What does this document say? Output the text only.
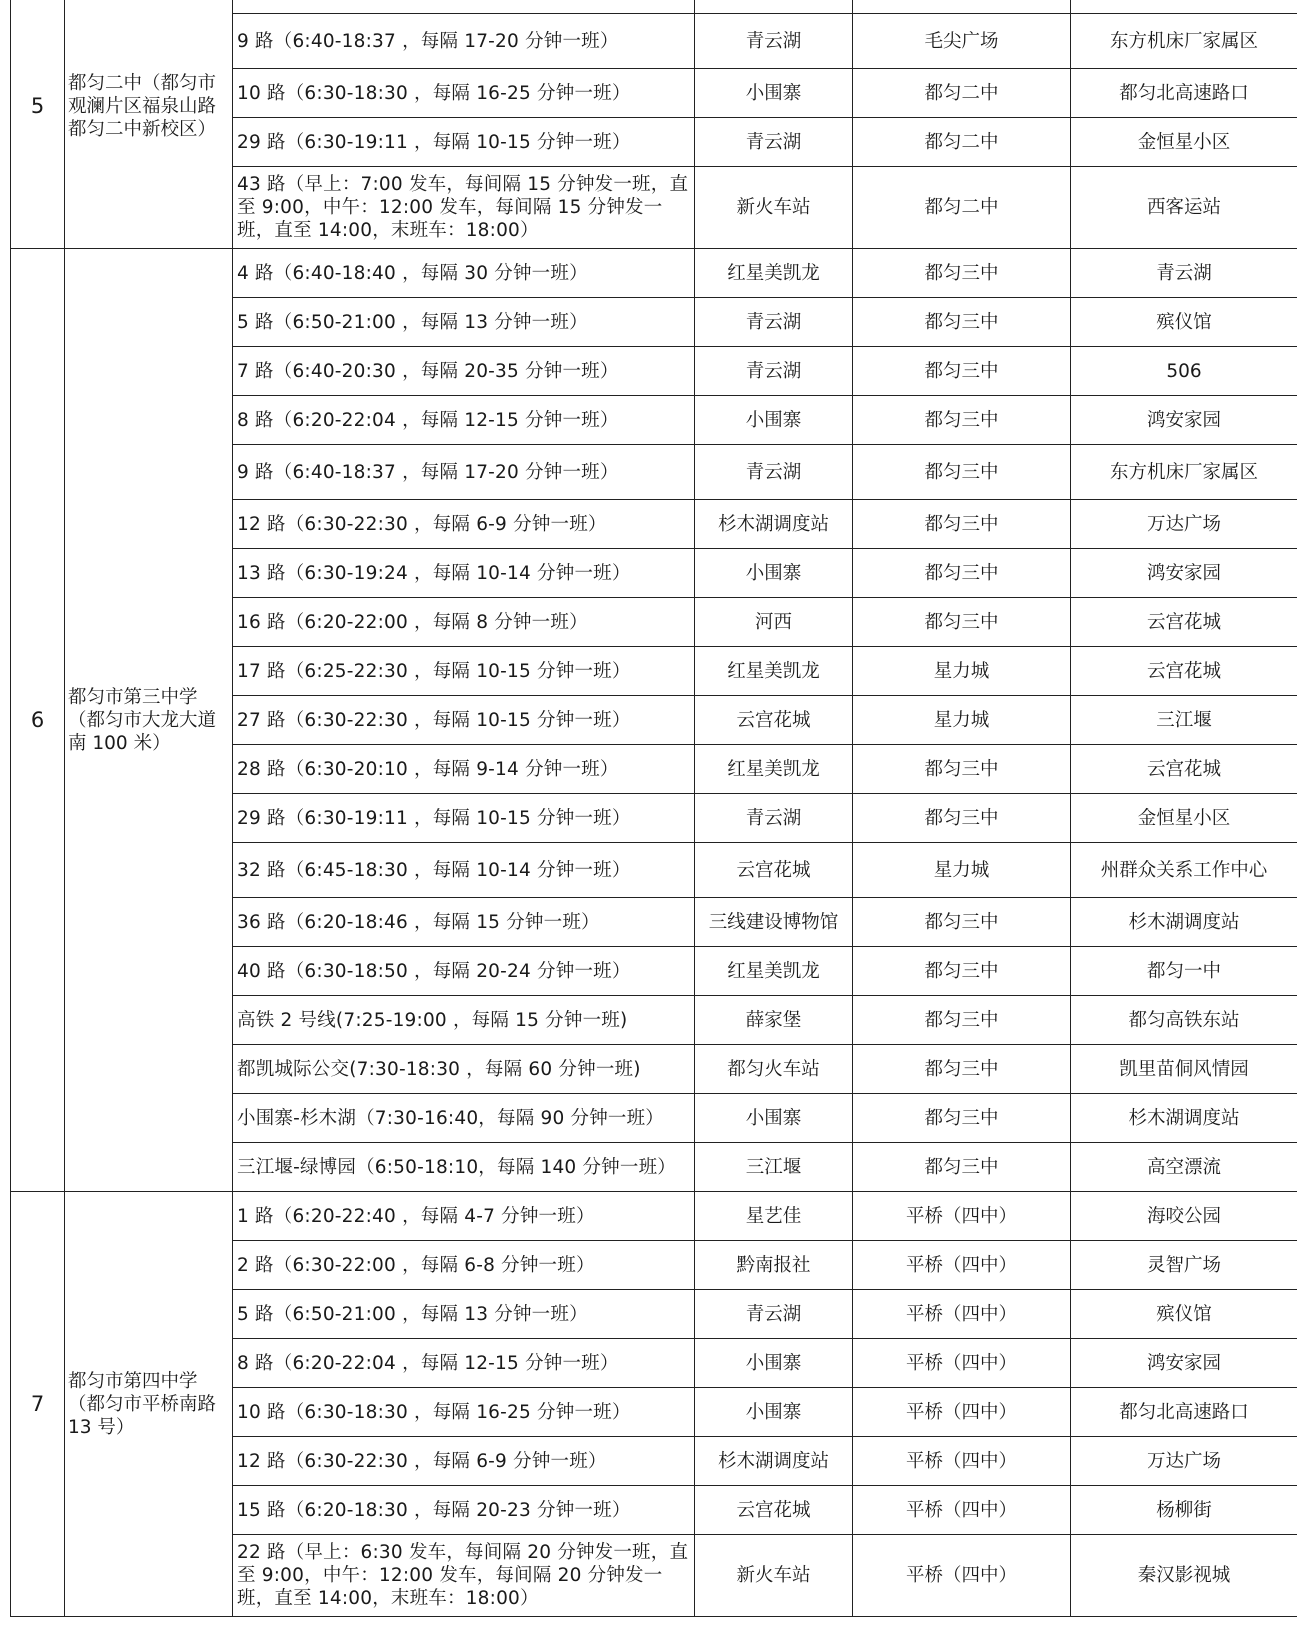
5	都匀二中（都匀市观澜片区福泉山路都匀二中新校区）				
		9 路（6:40-18:37 ，每隔 17-20 分钟一班）	青云湖	毛尖广场	东方机床厂家属区
		10 路（6:30-18:30 ，每隔 16-25 分钟一班）	小围寨	都匀二中	都匀北高速路口
		29 路（6:30-19:11 ，每隔 10-15 分钟一班）	青云湖	都匀二中	金恒星小区
		43 路（早上：7:00 发车，每间隔 15 分钟发一班，直至 9:00，中午：12:00 发车，每间隔 15 分钟发一班，直至 14:00，末班车：18:00）	新火车站	都匀二中	西客运站
6	都匀市第三中学（都匀市大龙大道南 100 米）	4 路（6:40-18:40 ，每隔 30 分钟一班）	红星美凯龙	都匀三中	青云湖
		5 路（6:50-21:00 ，每隔 13 分钟一班）	青云湖	都匀三中	殡仪馆
		7 路（6:40-20:30 ，每隔 20-35 分钟一班）	青云湖	都匀三中	506
		8 路（6:20-22:04 ，每隔 12-15 分钟一班）	小围寨	都匀三中	鸿安家园
		9 路（6:40-18:37 ，每隔 17-20 分钟一班）	青云湖	都匀三中	东方机床厂家属区
		12 路（6:30-22:30 ，每隔 6-9 分钟一班）	杉木湖调度站	都匀三中	万达广场
		13 路（6:30-19:24 ，每隔 10-14 分钟一班）	小围寨	都匀三中	鸿安家园
		16 路（6:20-22:00 ，每隔 8 分钟一班）	河西	都匀三中	云宫花城
		17 路（6:25-22:30 ，每隔 10-15 分钟一班）	红星美凯龙	星力城	云宫花城
		27 路（6:30-22:30 ，每隔 10-15 分钟一班）	云宫花城	星力城	三江堰
		28 路（6:30-20:10 ，每隔 9-14 分钟一班）	红星美凯龙	都匀三中	云宫花城
		29 路（6:30-19:11 ，每隔 10-15 分钟一班）	青云湖	都匀三中	金恒星小区
		32 路（6:45-18:30 ，每隔 10-14 分钟一班）	云宫花城	星力城	州群众关系工作中心
		36 路（6:20-18:46 ，每隔 15 分钟一班）	三线建设博物馆	都匀三中	杉木湖调度站
		40 路（6:30-18:50 ，每隔 20-24 分钟一班）	红星美凯龙	都匀三中	都匀一中
		高铁 2 号线(7:25-19:00 ，每隔 15 分钟一班)	薛家堡	都匀三中	都匀高铁东站
		都凯城际公交(7:30-18:30 ，每隔 60 分钟一班)	都匀火车站	都匀三中	凯里苗侗风情园
		小围寨-杉木湖（7:30-16:40，每隔 90 分钟一班）	小围寨	都匀三中	杉木湖调度站
		三江堰-绿博园（6:50-18:10，每隔 140 分钟一班）	三江堰	都匀三中	高空漂流
7	都匀市第四中学（都匀市平桥南路 13 号）	1 路（6:20-22:40 ，每隔 4-7 分钟一班）	星艺佳	平桥（四中）	海咬公园
		2 路（6:30-22:00 ，每隔 6-8 分钟一班）	黔南报社	平桥（四中）	灵智广场
		5 路（6:50-21:00 ，每隔 13 分钟一班）	青云湖	平桥（四中）	殡仪馆
		8 路（6:20-22:04 ，每隔 12-15 分钟一班）	小围寨	平桥（四中）	鸿安家园
		10 路（6:30-18:30 ，每隔 16-25 分钟一班）	小围寨	平桥（四中）	都匀北高速路口
		12 路（6:30-22:30 ，每隔 6-9 分钟一班）	杉木湖调度站	平桥（四中）	万达广场
		15 路（6:20-18:30 ，每隔 20-23 分钟一班）	云宫花城	平桥（四中）	杨柳街
		22 路（早上：6:30 发车，每间隔 20 分钟发一班，直至 9:00，中午：12:00 发车，每间隔 20 分钟发一班，直至 14:00，末班车：18:00）	新火车站	平桥（四中）	秦汉影视城
